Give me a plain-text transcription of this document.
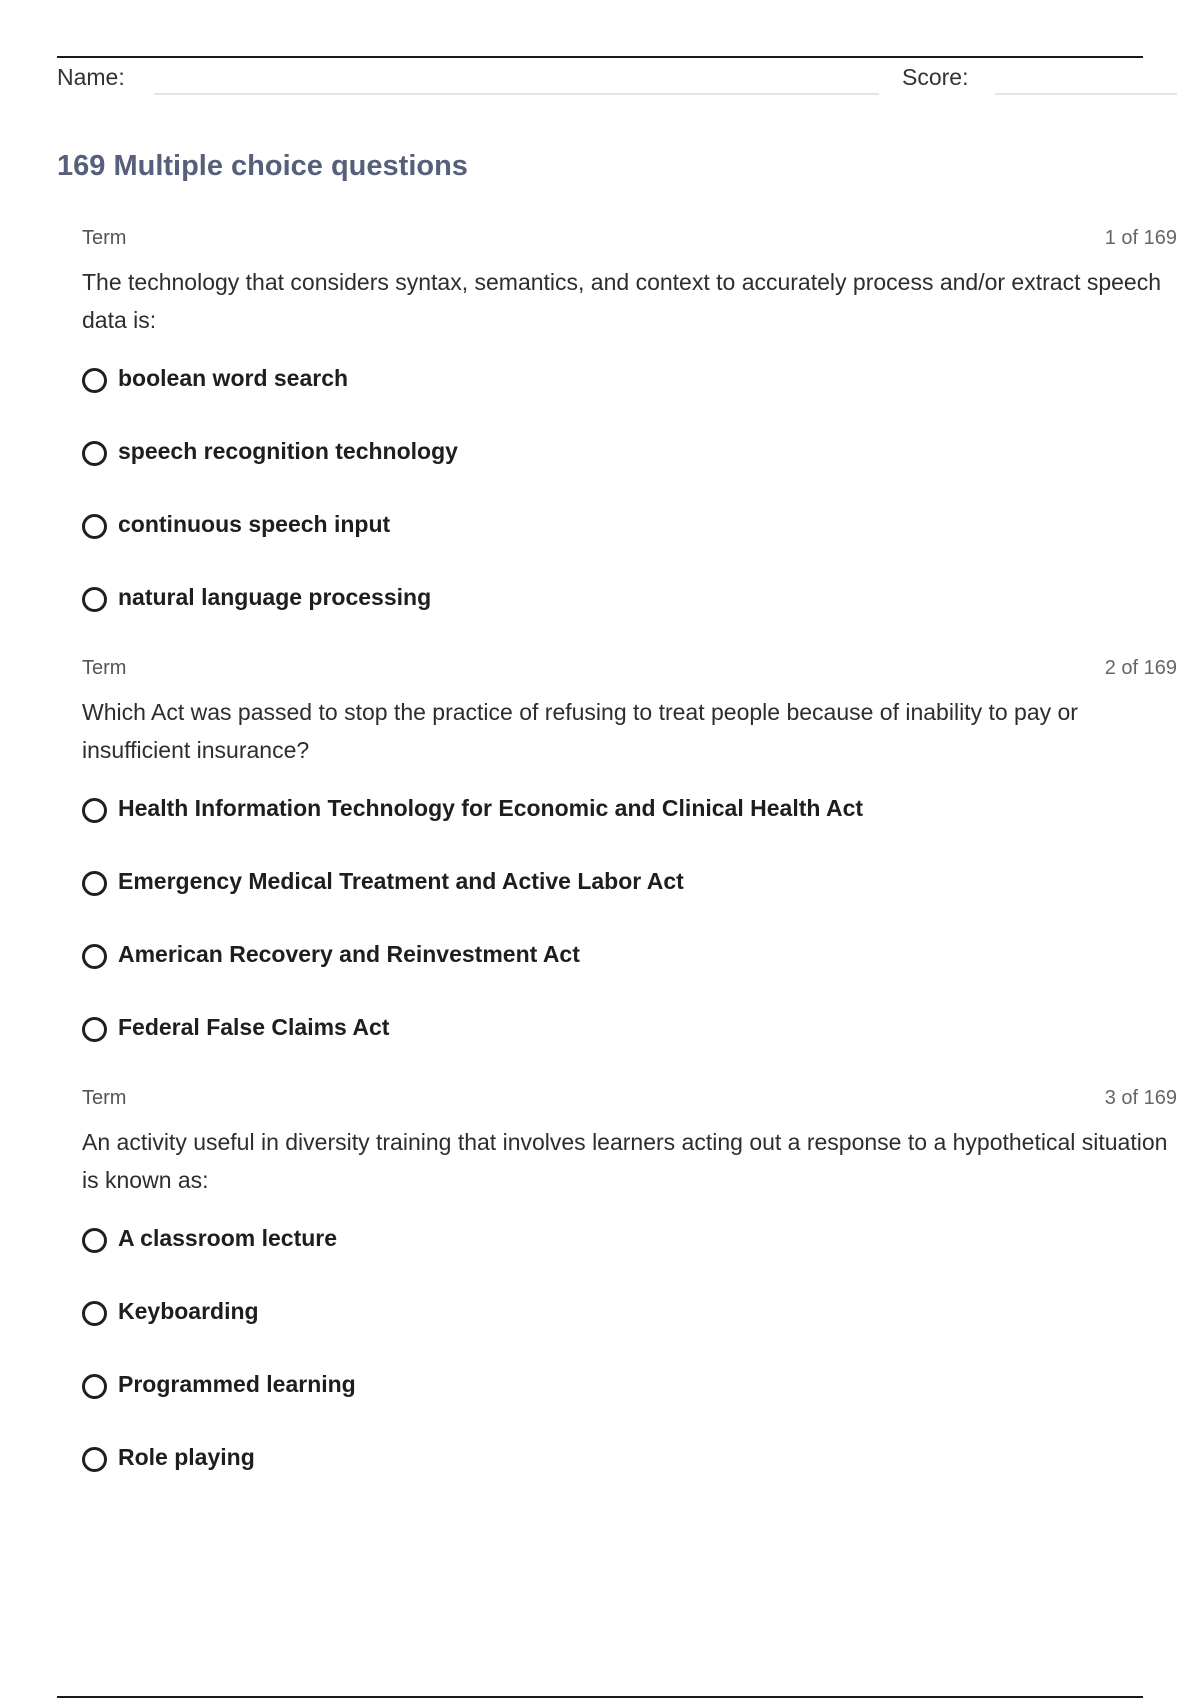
Name:	Score:
169 Multiple choice questions
Term	1 of 169
The technology that considers syntax, semantics, and context to accurately process and/or extract speech data is:
boolean word search
speech recognition technology
continuous speech input
natural language processing
Term	2 of 169
Which Act was passed to stop the practice of refusing to treat people because of inability to pay or insufficient insurance?
Health Information Technology for Economic and Clinical Health Act
Emergency Medical Treatment and Active Labor Act
American Recovery and Reinvestment Act
Federal False Claims Act
Term	3 of 169
An activity useful in diversity training that involves learners acting out a response to a hypothetical situation is known as:
A classroom lecture
Keyboarding
Programmed learning
Role playing
